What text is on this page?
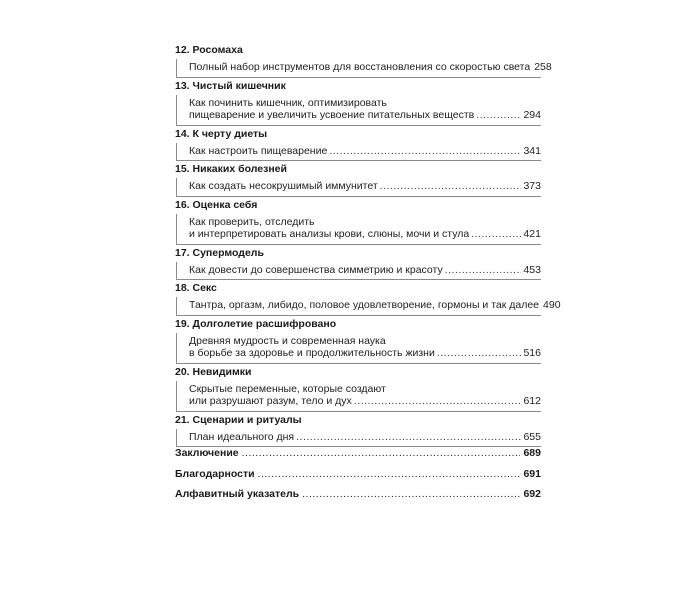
12. Росомаха
Полный набор инструментов для восстановления со скоростью света 258
13. Чистый кишечник
Как починить кишечник, оптимизировать
пищеварение и увеличить усвоение питательных веществ .....	294
14. К черту диеты
Как настроить пищеварение .....	341
15. Никаких болезней
Как создать несокрушимый иммунитет .....	373
16. Оценка себя
Как проверить, отследить
и интерпретировать анализы крови, слюны, мочи и стула .....	421
17. Супермодель
Как довести до совершенства симметрию и красоту .....	453
18. Секс
Тантра, оргазм, либидо, половое удовлетворение, гормоны и так далее 490
19. Долголетие расшифровано
Древняя мудрость и современная наука
в борьбе за здоровье и продолжительность жизни .....	516
20. Невидимки
Скрытые переменные, которые создают
или разрушают разум, тело и дух .....	612
21. Сценарии и ритуалы
План идеального дня .....	655
Заключение .....	689
Благодарности .....	691
Алфавитный указатель .....	692
